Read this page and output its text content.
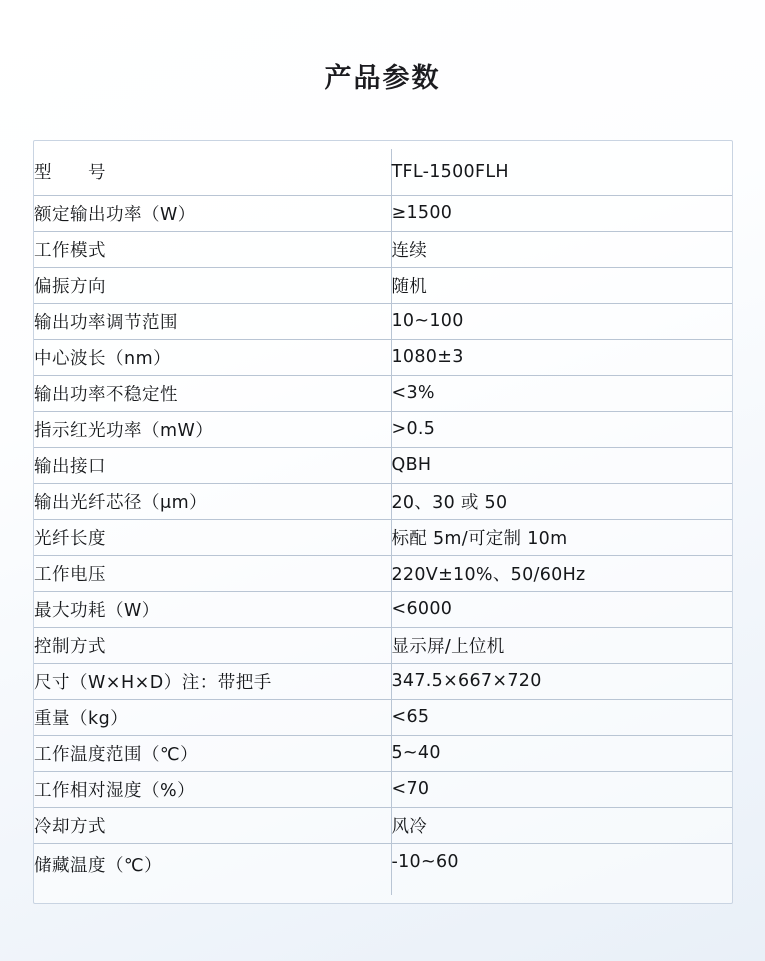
产品参数
型　　号	TFL-1500FLH
额定输出功率（W）	≥1500
工作模式	连续
偏振方向	随机
输出功率调节范围	10~100
中心波长（nm）	1080±3
输出功率不稳定性	<3%
指示红光功率（mW）	>0.5
输出接口	QBH
输出光纤芯径（μm）	20、30 或 50
光纤长度	标配 5m/可定制 10m
工作电压	220V±10%、50/60Hz
最大功耗（W）	<6000
控制方式	显示屏/上位机
尺寸（W×H×D）注：带把手	347.5×667×720
重量（kg）	<65
工作温度范围（℃）	5~40
工作相对湿度（%）	<70
冷却方式	风冷
储藏温度（℃）	-10~60
